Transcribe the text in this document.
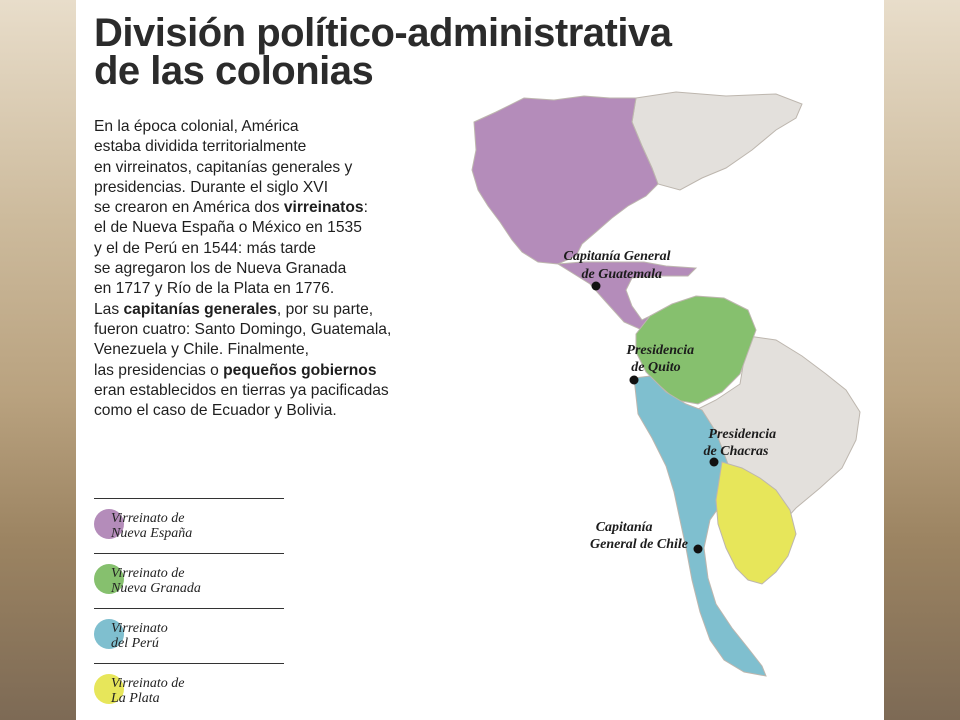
División político-administrativa
de las colonias

En la época colonial, América
estaba dividida territorialmente
en virreinatos, capitanías generales y
presidencias. Durante el siglo XVI
se crearon en América dos virreinatos:
el de Nueva España o México en 1535
y el de Perú en 1544: más tarde
se agregaron los de Nueva Granada
en 1717 y Río de la Plata en 1776.
Las capitanías generales, por su parte,
fueron cuatro: Santo Domingo, Guatemala,
Venezuela y Chile. Finalmente,
las presidencias o pequeños gobiernos
eran establecidos en tierras ya pacificadas
como el caso de Ecuador y Bolivia.

Virreinato de
Nueva España
Virreinato de
Nueva Granada
Virreinato
del Perú
Virreinato de
La Plata
Capitanía General de Guatemala
Presidencia de Quito
Presidencia de Chacras
Capitanía General de Chile
